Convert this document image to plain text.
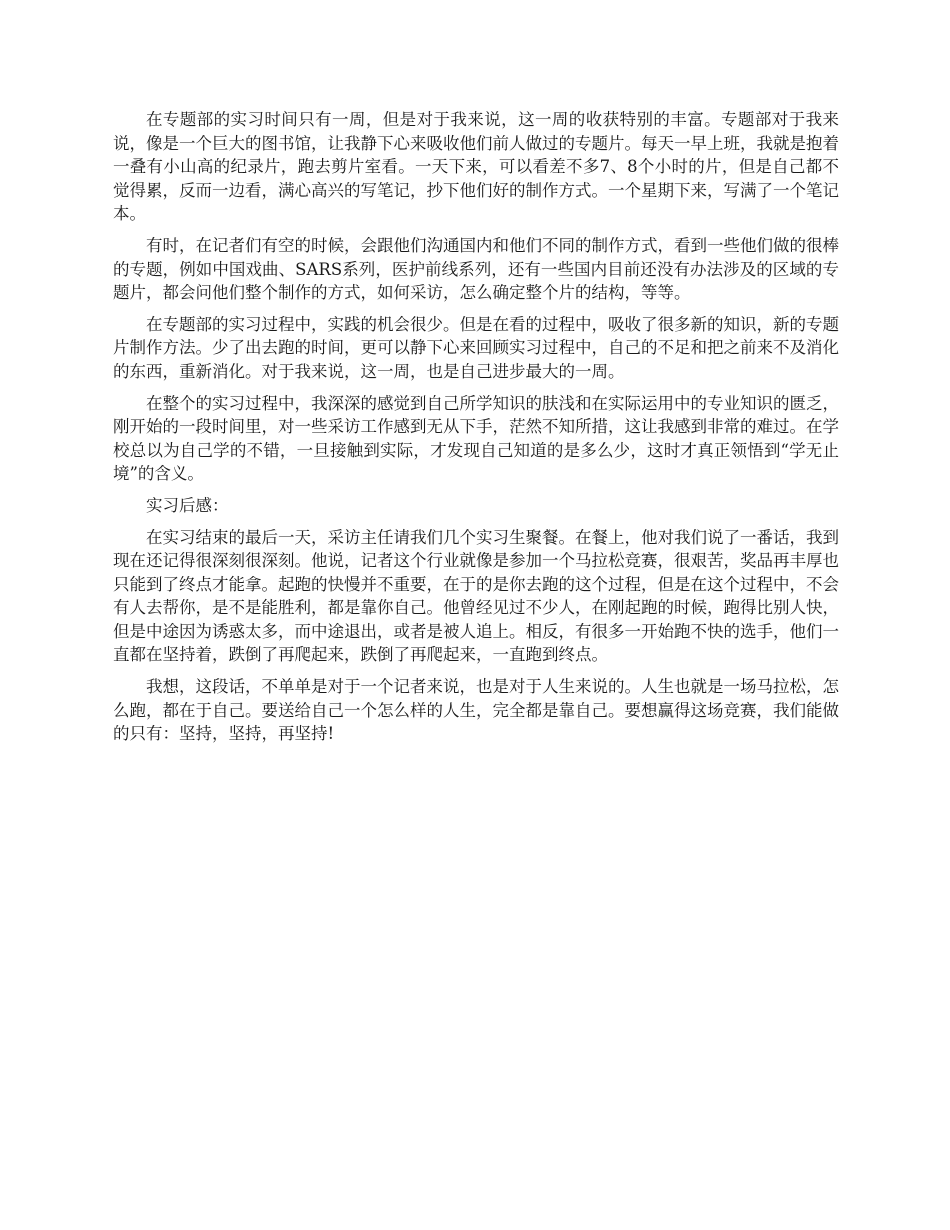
在专题部的实习时间只有一周，但是对于我来说，这一周的收获特别的丰富。专题部对于我来说，像是一个巨大的图书馆，让我静下心来吸收他们前人做过的专题片。每天一早上班，我就是抱着一叠有小山高的纪录片，跑去剪片室看。一天下来，可以看差不多7、8个小时的片，但是自己都不觉得累，反而一边看，满心高兴的写笔记，抄下他们好的制作方式。一个星期下来，写满了一个笔记本。

有时，在记者们有空的时候，会跟他们沟通国内和他们不同的制作方式，看到一些他们做的很棒的专题，例如中国戏曲、SARS系列，医护前线系列，还有一些国内目前还没有办法涉及的区域的专题片，都会问他们整个制作的方式，如何采访，怎么确定整个片的结构，等等。

在专题部的实习过程中，实践的机会很少。但是在看的过程中，吸收了很多新的知识，新的专题片制作方法。少了出去跑的时间，更可以静下心来回顾实习过程中，自己的不足和把之前来不及消化的东西，重新消化。对于我来说，这一周，也是自己进步最大的一周。

在整个的实习过程中，我深深的感觉到自己所学知识的肤浅和在实际运用中的专业知识的匮乏，刚开始的一段时间里，对一些采访工作感到无从下手，茫然不知所措，这让我感到非常的难过。在学校总以为自己学的不错，一旦接触到实际，才发现自己知道的是多么少，这时才真正领悟到“学无止境”的含义。

实习后感：

在实习结束的最后一天，采访主任请我们几个实习生聚餐。在餐上，他对我们说了一番话，我到现在还记得很深刻很深刻。他说，记者这个行业就像是参加一个马拉松竞赛，很艰苦，奖品再丰厚也只能到了终点才能拿。起跑的快慢并不重要，在于的是你去跑的这个过程，但是在这个过程中，不会有人去帮你，是不是能胜利，都是靠你自己。他曾经见过不少人，在刚起跑的时候，跑得比别人快，但是中途因为诱惑太多，而中途退出，或者是被人追上。相反，有很多一开始跑不快的选手，他们一直都在坚持着，跌倒了再爬起来，跌倒了再爬起来，一直跑到终点。

我想，这段话，不单单是对于一个记者来说，也是对于人生来说的。人生也就是一场马拉松，怎么跑，都在于自己。要送给自己一个怎么样的人生，完全都是靠自己。要想赢得这场竞赛，我们能做的只有：坚持，坚持，再坚持!
